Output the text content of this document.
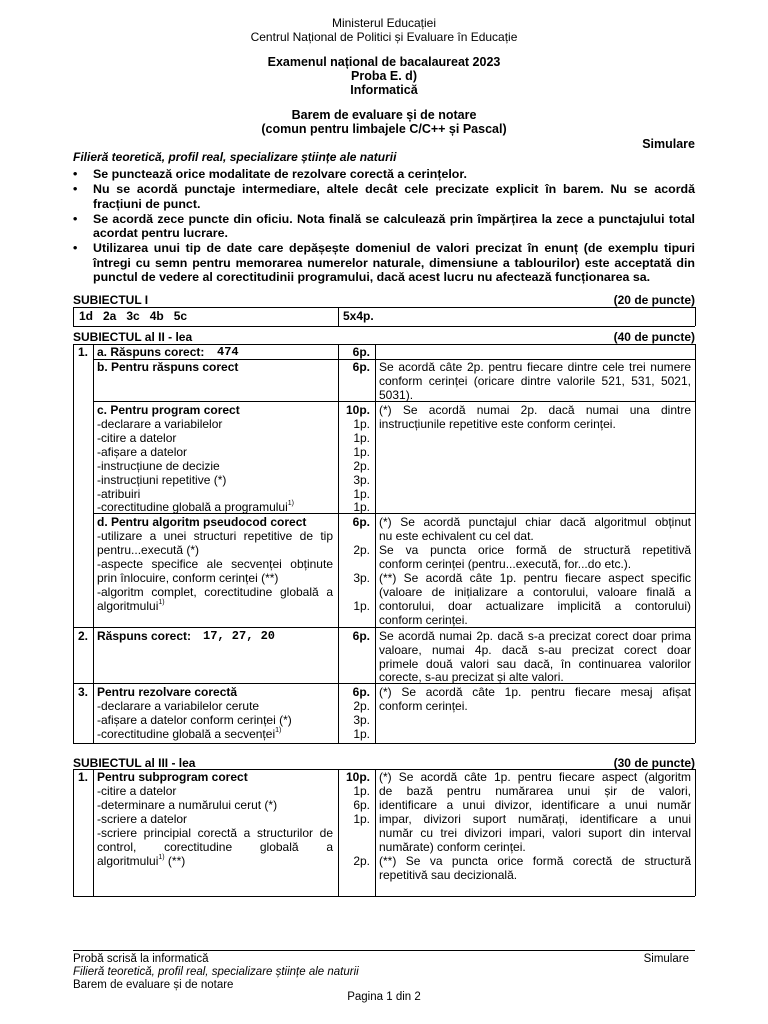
Ministerul Educației
Centrul Național de Politici și Evaluare în Educație
Examenul național de bacalaureat 2023
Proba E. d)
Informatică
Barem de evaluare și de notare
(comun pentru limbajele C/C++ și Pascal)
Simulare
Filieră teoretică, profil real, specializare științe ale naturii
• Se punctează orice modalitate de rezolvare corectă a cerințelor.
• Nu se acordă punctaje intermediare, altele decât cele precizate explicit în barem. Nu se acordă fracțiuni de punct.
• Se acordă zece puncte din oficiu. Nota finală se calculează prin împărțirea la zece a punctajului total acordat pentru lucrare.
• Utilizarea unui tip de date care depășește domeniul de valori precizat în enunț (de exemplu tipuri întregi cu semn pentru memorarea numerelor naturale, dimensiune a tablourilor) este acceptată din punctul de vedere al corectitudinii programului, dacă acest lucru nu afectează funcționarea sa.
SUBIECTUL I	(20 de puncte)
1d   2a   3c   4b   5c	5x4p.
SUBIECTUL al II - lea	(40 de puncte)
1. a. Răspuns corect: 474	6p.
b. Pentru răspuns corect	6p. Se acordă câte 2p. pentru fiecare dintre cele trei numere
conform cerinței (oricare dintre valorile 521, 531, 5021,
5031).
c. Pentru program corect	10p.
-declarare a variabilelor	1p.
-citire a datelor	1p.
-afișare a datelor	1p.
-instrucțiune de decizie	2p.
-instrucțiuni repetitive (*)	3p.
-atribuiri	1p.
-corectitudine globală a programului$^{1)}$	1p.
(*) Se acordă numai 2p. dacă numai una dintre
instrucțiunile repetitive este conform cerinței.
d. Pentru algoritm pseudocod corect	6p.
-utilizare a unei structuri repetitive de tip
pentru...execută (*)	2p.
-aspecte specifice ale secvenței obținute
prin înlocuire, conform cerinței (**)	3p.
-algoritm complet, corectitudine globală a
algoritmului$^{1)}$	1p.
(*) Se acordă punctajul chiar dacă algoritmul obținut
nu este echivalent cu cel dat.
Se va puncta orice formă de structură repetitivă
conform cerinței (pentru...execută, for...do etc.).
(**) Se acordă câte 1p. pentru fiecare aspect specific
(valoare de inițializare a contorului, valoare finală a
contorului, doar actualizare implicită a contorului)
conform cerinței.
2. Răspuns corect: 17, 27, 20	6p. Se acordă numai 2p. dacă s-a precizat corect doar prima
valoare, numai 4p. dacă s-au precizat corect doar
primele două valori sau dacă, în continuarea valorilor
corecte, s-au precizat și alte valori.
3. Pentru rezolvare corectă	6p.
-declarare a variabilelor cerute	2p.
-afișare a datelor conform cerinței (*)	3p.
-corectitudine globală a secvenței$^{1)}$	1p.
(*) Se acordă câte 1p. pentru fiecare mesaj afișat
conform cerinței.
SUBIECTUL al III - lea	(30 de puncte)
1. Pentru subprogram corect	10p.
-citire a datelor	1p.
-determinare a numărului cerut (*)	6p.
-scriere a datelor	1p.
-scriere principial corectă a structurilor de
control, corectitudine globală a
algoritmului$^{1)}$ (**)	2p.
(*) Se acordă câte 1p. pentru fiecare aspect (algoritm
de bază pentru numărarea unui șir de valori,
identificare a unui divizor, identificare a unui număr
impar, divizori suport numărați, identificare a unui
număr cu trei divizori impari, valori suport din interval
numărate) conform cerinței.
(**) Se va puncta orice formă corectă de structură
repetitivă sau decizională.
Probă scrisă la informatică	Simulare
Filieră teoretică, profil real, specializare științe ale naturii
Barem de evaluare și de notare
Pagina 1 din 2
